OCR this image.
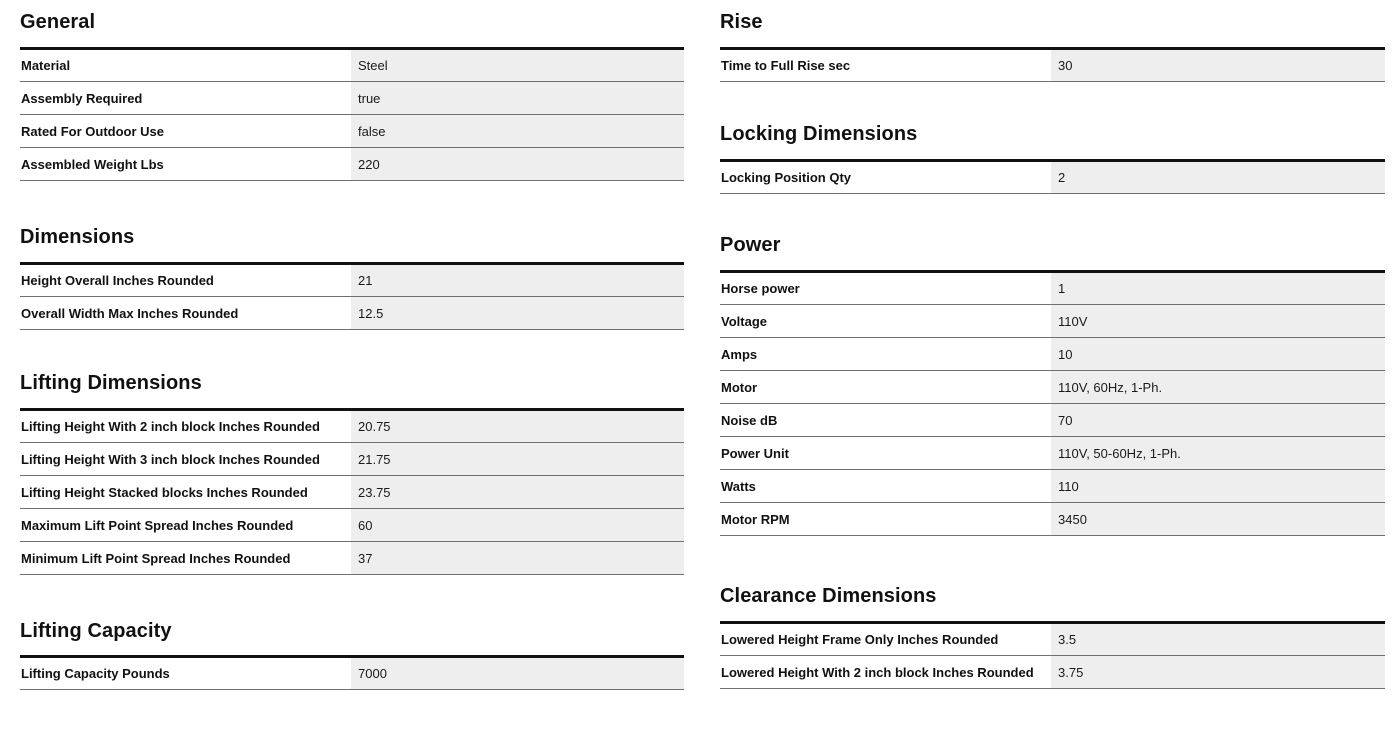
General
Material	Steel
Assembly Required	true
Rated For Outdoor Use	false
Assembled Weight Lbs	220
Dimensions
Height Overall Inches Rounded	21
Overall Width Max Inches Rounded	12.5
Lifting Dimensions
Lifting Height With 2 inch block Inches Rounded	20.75
Lifting Height With 3 inch block Inches Rounded	21.75
Lifting Height Stacked blocks Inches Rounded	23.75
Maximum Lift Point Spread Inches Rounded	60
Minimum Lift Point Spread Inches Rounded	37
Lifting Capacity
Lifting Capacity Pounds	7000
Rise
Time to Full Rise sec	30
Locking Dimensions
Locking Position Qty	2
Power
Horse power	1
Voltage	110V
Amps	10
Motor	110V, 60Hz, 1-Ph.
Noise dB	70
Power Unit	110V, 50-60Hz, 1-Ph.
Watts	110
Motor RPM	3450
Clearance Dimensions
Lowered Height Frame Only Inches Rounded	3.5
Lowered Height With 2 inch block Inches Rounded	3.75
